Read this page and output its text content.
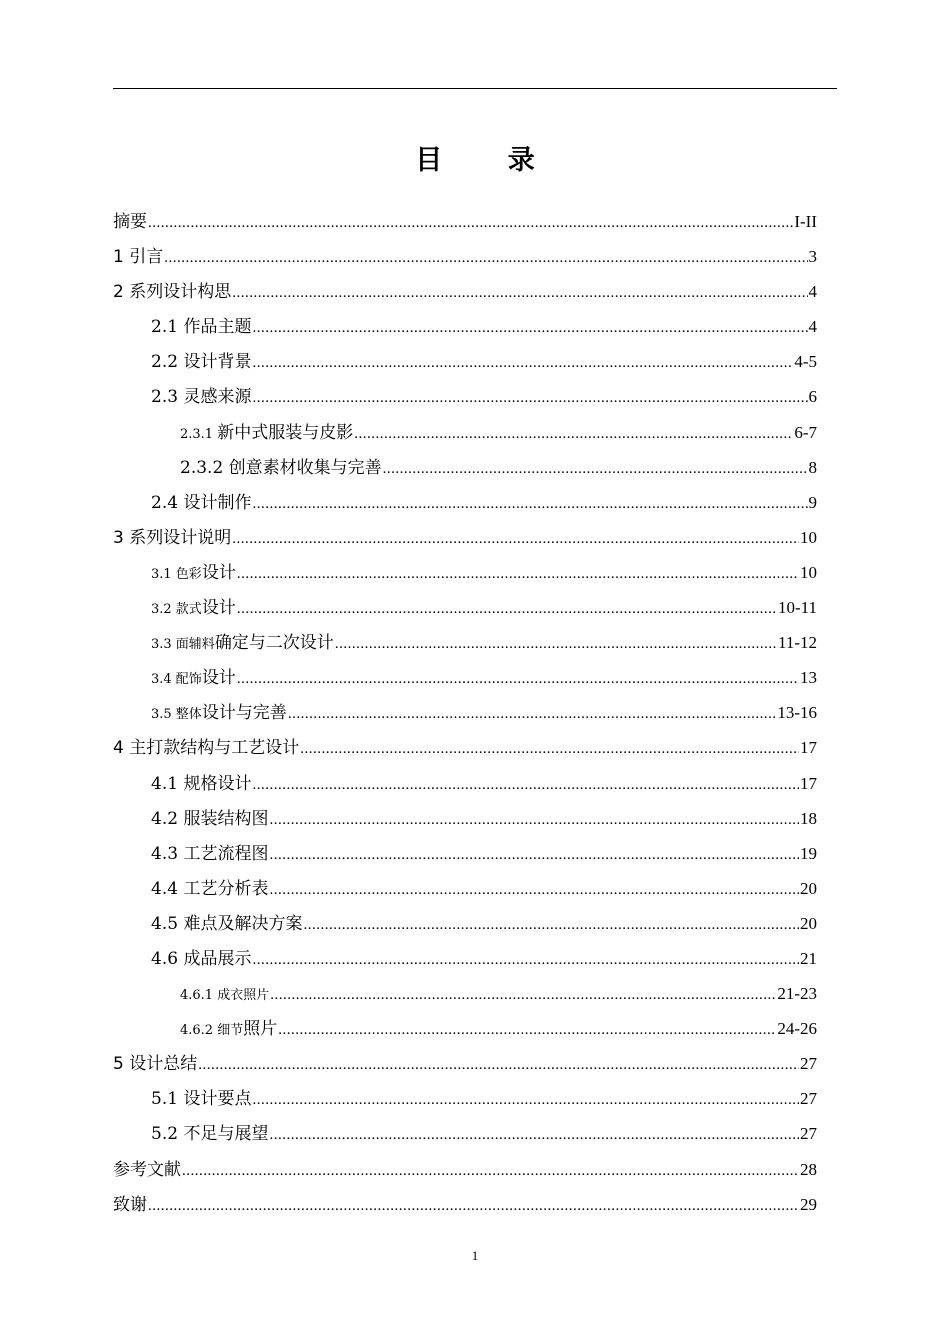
目 录
摘要 .....	I-II
1 引言 .....	3
2 系列设计构思 .....	4
2.1 作品主题 .....	4
2.2 设计背景 .....	4-5
2.3 灵感来源 .....	6
2.3.1 新中式服装与皮影 .....	6-7
2.3.2 创意素材收集与完善 .....	8
2.4 设计制作 .....	9
3 系列设计说明 .....	10
3.1 色彩设计 .....	10
3.2 款式设计 .....	10-11
3.3 面辅料确定与二次设计 .....	11-12
3.4 配饰设计 .....	13
3.5 整体设计与完善 .....	13-16
4 主打款结构与工艺设计 .....	17
4.1 规格设计 .....	17
4.2 服装结构图 .....	18
4.3 工艺流程图 .....	19
4.4 工艺分析表 .....	20
4.5 难点及解决方案 .....	20
4.6 成品展示 .....	21
4.6.1 成衣照片 .....	21-23
4.6.2 细节照片 .....	24-26
5 设计总结 .....	27
5.1 设计要点 .....	27
5.2 不足与展望 .....	27
参考文献 .....	28
致谢 .....	29
1
